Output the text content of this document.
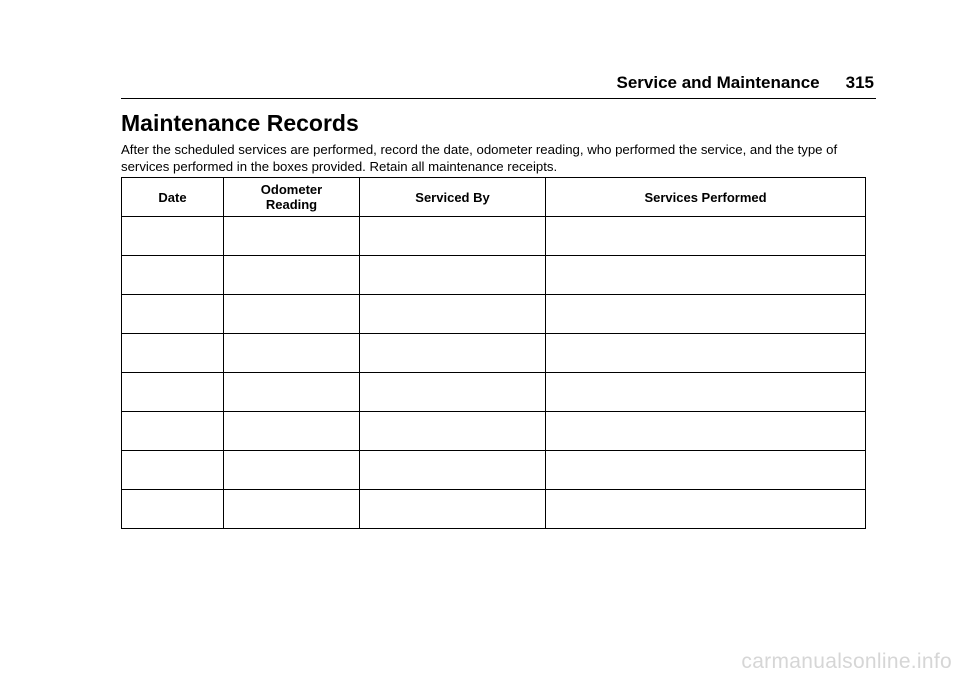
Service and Maintenance 315
Maintenance Records

After the scheduled services are performed, record the date, odometer reading, who performed the service, and the type of services performed in the boxes provided. Retain all maintenance receipts.

Date	Odometer Reading	Serviced By	Services Performed

carmanualsonline.info
